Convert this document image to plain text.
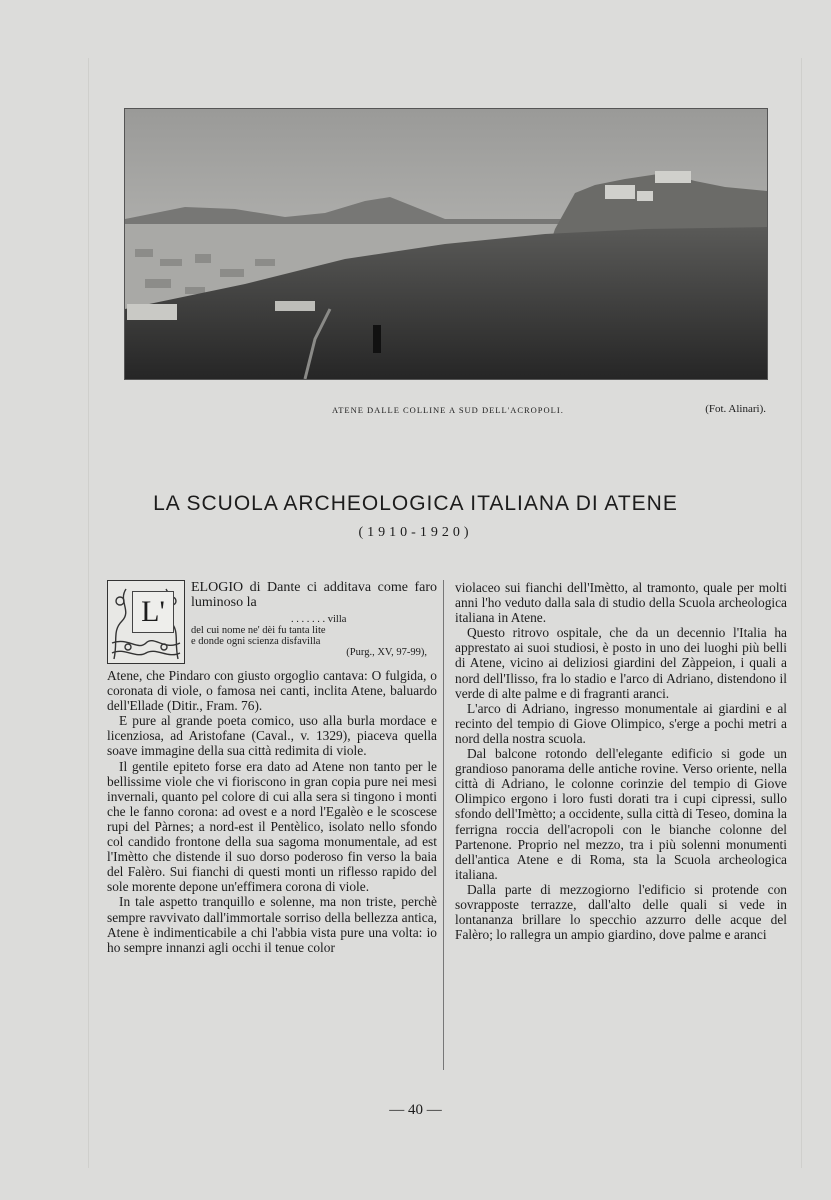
ATENE DALLE COLLINE A SUD DELL'ACROPOLI.	(Fot. Alinari).
LA SCUOLA ARCHEOLOGICA ITALIANA DI ATENE
(1910-1920)
L'

ELOGIO di Dante ci additava come faro luminoso la

. . . . . . . villa
del cui nome ne' dèi fu tanta lite
e donde ogni scienza disfavilla
(Purg., XV, 97-99),

Atene, che Pindaro con giusto orgoglio cantava: O fulgida, o coronata di viole, o famosa nei canti, inclita Atene, baluardo dell'Ellade (Ditir., Fram. 76).

E pure al grande poeta comico, uso alla burla mordace e licenziosa, ad Aristofane (Caval., v. 1329), piaceva quella soave immagine della sua città redimita di viole.

Il gentile epiteto forse era dato ad Atene non tanto per le bellissime viole che vi fioriscono in gran copia pure nei mesi invernali, quanto pel colore di cui alla sera si tingono i monti che le fanno corona: ad ovest e a nord l'Egalèo e le scoscese rupi del Pàrnes; a nord-est il Pentèlico, isolato nello sfondo col candido frontone della sua sagoma monumentale, ad est l'Imètto che distende il suo dorso poderoso fin verso la baia del Falèro. Sui fianchi di questi monti un riflesso rapido del sole morente depone un'effimera corona di viole.

In tale aspetto tranquillo e solenne, ma non triste, perchè sempre ravvivato dall'immortale sorriso della bellezza antica, Atene è indimenticabile a chi l'abbia vista pure una volta: io ho sempre innanzi agli occhi il tenue color

violaceo sui fianchi dell'Imètto, al tramonto, quale per molti anni l'ho veduto dalla sala di studio della Scuola archeologica italiana in Atene.

Questo ritrovo ospitale, che da un decennio l'Italia ha apprestato ai suoi studiosi, è posto in uno dei luoghi più belli di Atene, vicino ai deliziosi giardini del Zàppeion, i quali a nord dell'Ilisso, fra lo stadio e l'arco di Adriano, distendono il verde di alte palme e di fragranti aranci.

L'arco di Adriano, ingresso monumentale ai giardini e al recinto del tempio di Giove Olimpico, s'erge a pochi metri a nord della nostra scuola.

Dal balcone rotondo dell'elegante edificio si gode un grandioso panorama delle antiche rovine. Verso oriente, nella città di Adriano, le colonne corinzie del tempio di Giove Olimpico ergono i loro fusti dorati tra i cupi cipressi, sullo sfondo dell'Imètto; a occidente, sulla città di Teseo, domina la ferrigna roccia dell'acropoli con le bianche colonne del Partenone. Proprio nel mezzo, tra i più solenni monumenti dell'antica Atene e di Roma, sta la Scuola archeologica italiana.

Dalla parte di mezzogiorno l'edificio si protende con sovrapposte terrazze, dall'alto delle quali si vede in lontananza brillare lo specchio azzurro delle acque del Falèro; lo rallegra un ampio giardino, dove palme e aranci

— 40 —
